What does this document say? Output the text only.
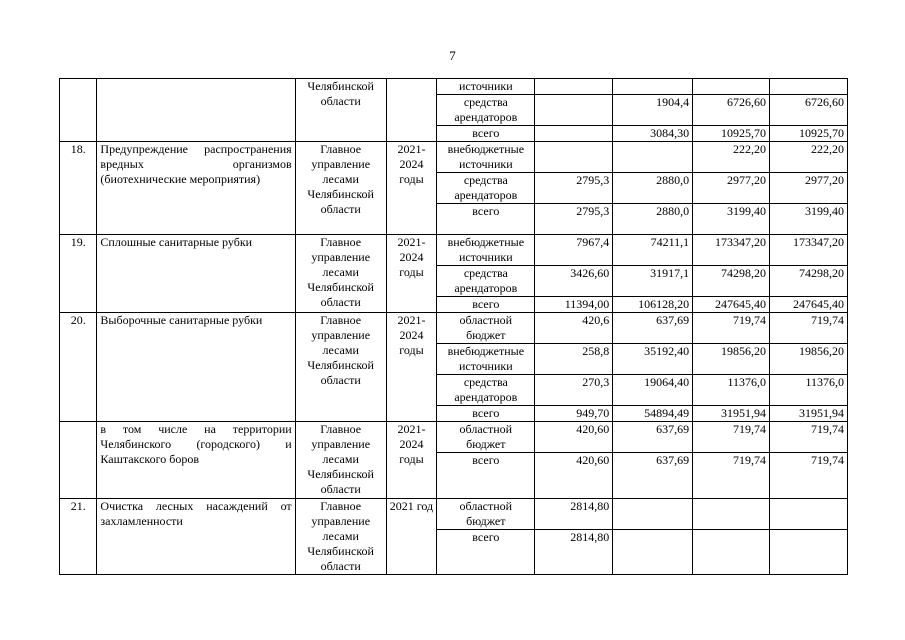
7
		Челябинской области		источники				
				средства арендаторов		1904,4	6726,60	6726,60
				всего		3084,30	10925,70	10925,70
18.	Предупреждение распространения вредных организмов (биотехнические мероприятия)	Главное управление лесами Челябинской области	2021-2024 годы	внебюджетные источники			222,20	222,20
				средства арендаторов	2795,3	2880,0	2977,20	2977,20
				всего	2795,3	2880,0	3199,40	3199,40
19.	Сплошные санитарные рубки	Главное управление лесами Челябинской области	2021-2024 годы	внебюджетные источники	7967,4	74211,1	173347,20	173347,20
				средства арендаторов	3426,60	31917,1	74298,20	74298,20
				всего	11394,00	106128,20	247645,40	247645,40
20.	Выборочные санитарные рубки	Главное управление лесами Челябинской области	2021-2024 годы	областной бюджет	420,6	637,69	719,74	719,74
				внебюджетные источники	258,8	35192,40	19856,20	19856,20
				средства арендаторов	270,3	19064,40	11376,0	11376,0
				всего	949,70	54894,49	31951,94	31951,94
	в том числе на территории Челябинского (городского) и Каштакского боров	Главное управление лесами Челябинской области	2021-2024 годы	областной бюджет	420,60	637,69	719,74	719,74
				всего	420,60	637,69	719,74	719,74
21.	Очистка лесных насаждений от захламленности	Главное управление лесами Челябинской области	2021 год	областной бюджет	2814,80			
				всего	2814,80			
